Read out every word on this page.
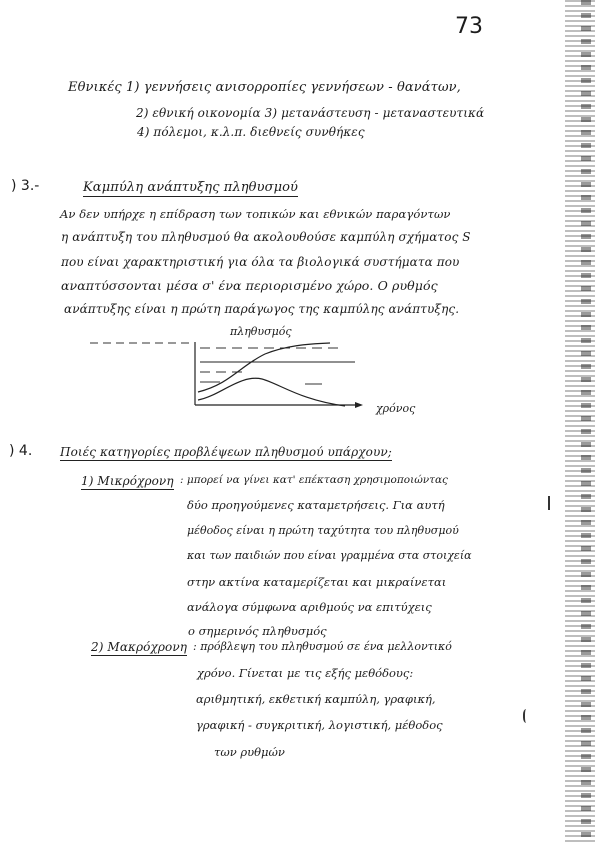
73
Εθνικές 1) γεννήσεις ανισορροπίες γεννήσεων - θανάτων,
2) εθνική οικονομία 3) μετανάστευση - μεταναστευτικά
4) πόλεμοι, κ.λ.π. διεθνείς συνθήκες
) 3.-	Καμπύλη ανάπτυξης πληθυσμού
Αν δεν υπήρχε η επίδραση των τοπικών και εθνικών παραγόντων
η ανάπτυξη του πληθυσμού θα ακολουθούσε καμπύλη σχήματος S
που είναι χαρακτηριστική για όλα τα βιολογικά συστήματα που
αναπτύσσονται μέσα σ' ένα περιορισμένο χώρο. Ο ρυθμός
ανάπτυξης είναι η πρώτη παράγωγος της καμπύλης ανάπτυξης.
πληθυσμός
χρόνος
) 4. Ποιές κατηγορίες προβλέψεων πληθυσμού υπάρχουν;
1) Μικρόχρονη : μπορεί να γίνει κατ' επέκταση χρησιμοποιώντας
δύο προηγούμενες καταμετρήσεις. Για αυτή
μέθοδος είναι η πρώτη ταχύτητα του πληθυσμού
και των παιδιών που είναι γραμμένα στα στοιχεία
στην ακτίνα καταμερίζεται και μικραίνεται
ανάλογα σύμφωνα αριθμούς να επιτύχεις
ο σημερινός πληθυσμός
2) Μακρόχρονη : πρόβλεψη του πληθυσμού σε ένα μελλοντικό
χρόνο. Γίνεται με τις εξής μεθόδους:
αριθμητική, εκθετική καμπύλη, γραφική,
γραφική - συγκριτική, λογιστική, μέθοδος
των ρυθμών
